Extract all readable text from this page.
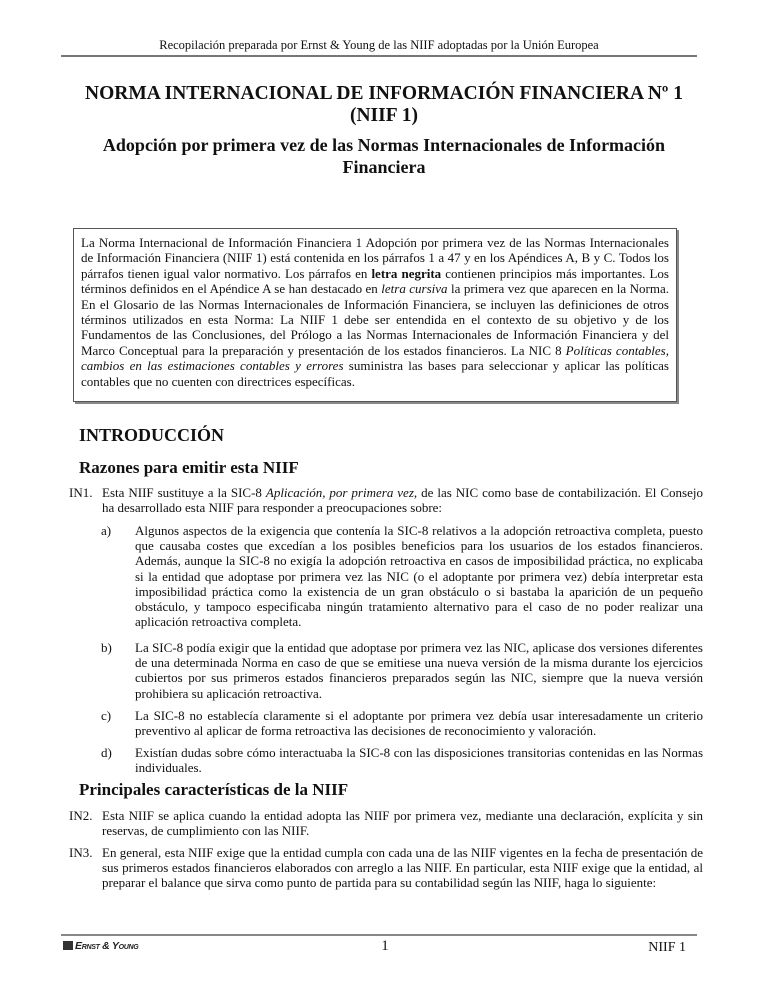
Recopilación preparada por Ernst & Young de las NIIF adoptadas por la Unión Europea
NORMA INTERNACIONAL DE INFORMACIÓN FINANCIERA Nº 1
(NIIF 1)
Adopción por primera vez de las Normas Internacionales de Información
Financiera

La Norma Internacional de Información Financiera 1 Adopción por primera vez de las Normas Internacionales de Información Financiera (NIIF 1) está contenida en los párrafos 1 a 47 y en los Apéndices A, B y C. Todos los párrafos tienen igual valor normativo. Los párrafos en letra negrita contienen principios más importantes. Los términos definidos en el Apéndice A se han destacado en letra cursiva la primera vez que aparecen en la Norma. En el Glosario de las Normas Internacionales de Información Financiera, se incluyen las definiciones de otros términos utilizados en esta Norma: La NIIF 1 debe ser entendida en el contexto de su objetivo y de los Fundamentos de las Conclusiones, del Prólogo a las Normas Internacionales de Información Financiera y del Marco Conceptual para la preparación y presentación de los estados financieros. La NIC 8 Políticas contables, cambios en las estimaciones contables y errores suministra las bases para seleccionar y aplicar las políticas contables que no cuenten con directrices específicas.

INTRODUCCIÓN
Razones para emitir esta NIIF
IN1. Esta NIIF sustituye a la SIC-8 Aplicación, por primera vez, de las NIC como base de contabilización. El Consejo ha desarrollado esta NIIF para responder a preocupaciones sobre:
a) Algunos aspectos de la exigencia que contenía la SIC-8 relativos a la adopción retroactiva completa, puesto que causaba costes que excedían a los posibles beneficios para los usuarios de los estados financieros. Además, aunque la SIC-8 no exigía la adopción retroactiva en casos de imposibilidad práctica, no explicaba si la entidad que adoptase por primera vez las NIC (o el adoptante por primera vez) debía interpretar esta imposibilidad práctica como la existencia de un gran obstáculo o si bastaba la aparición de un pequeño obstáculo, y tampoco especificaba ningún tratamiento alternativo para el caso de no poder realizar una aplicación retroactiva completa.
b) La SIC-8 podía exigir que la entidad que adoptase por primera vez las NIC, aplicase dos versiones diferentes de una determinada Norma en caso de que se emitiese una nueva versión de la misma durante los ejercicios cubiertos por sus primeros estados financieros preparados según las NIC, siempre que la nueva versión prohibiera su aplicación retroactiva.
c) La SIC-8 no establecía claramente si el adoptante por primera vez debía usar interesadamente un criterio preventivo al aplicar de forma retroactiva las decisiones de reconocimiento y valoración.
d) Existían dudas sobre cómo interactuaba la SIC-8 con las disposiciones transitorias contenidas en las Normas individuales.
Principales características de la NIIF
IN2. Esta NIIF se aplica cuando la entidad adopta las NIIF por primera vez, mediante una declaración, explícita y sin reservas, de cumplimiento con las NIIF.
IN3. En general, esta NIIF exige que la entidad cumpla con cada una de las NIIF vigentes en la fecha de presentación de sus primeros estados financieros elaborados con arreglo a las NIIF. En particular, esta NIIF exige que la entidad, al preparar el balance que sirva como punto de partida para su contabilidad según las NIIF, haga lo siguiente:
Ernst & Young	1	NIIF 1
